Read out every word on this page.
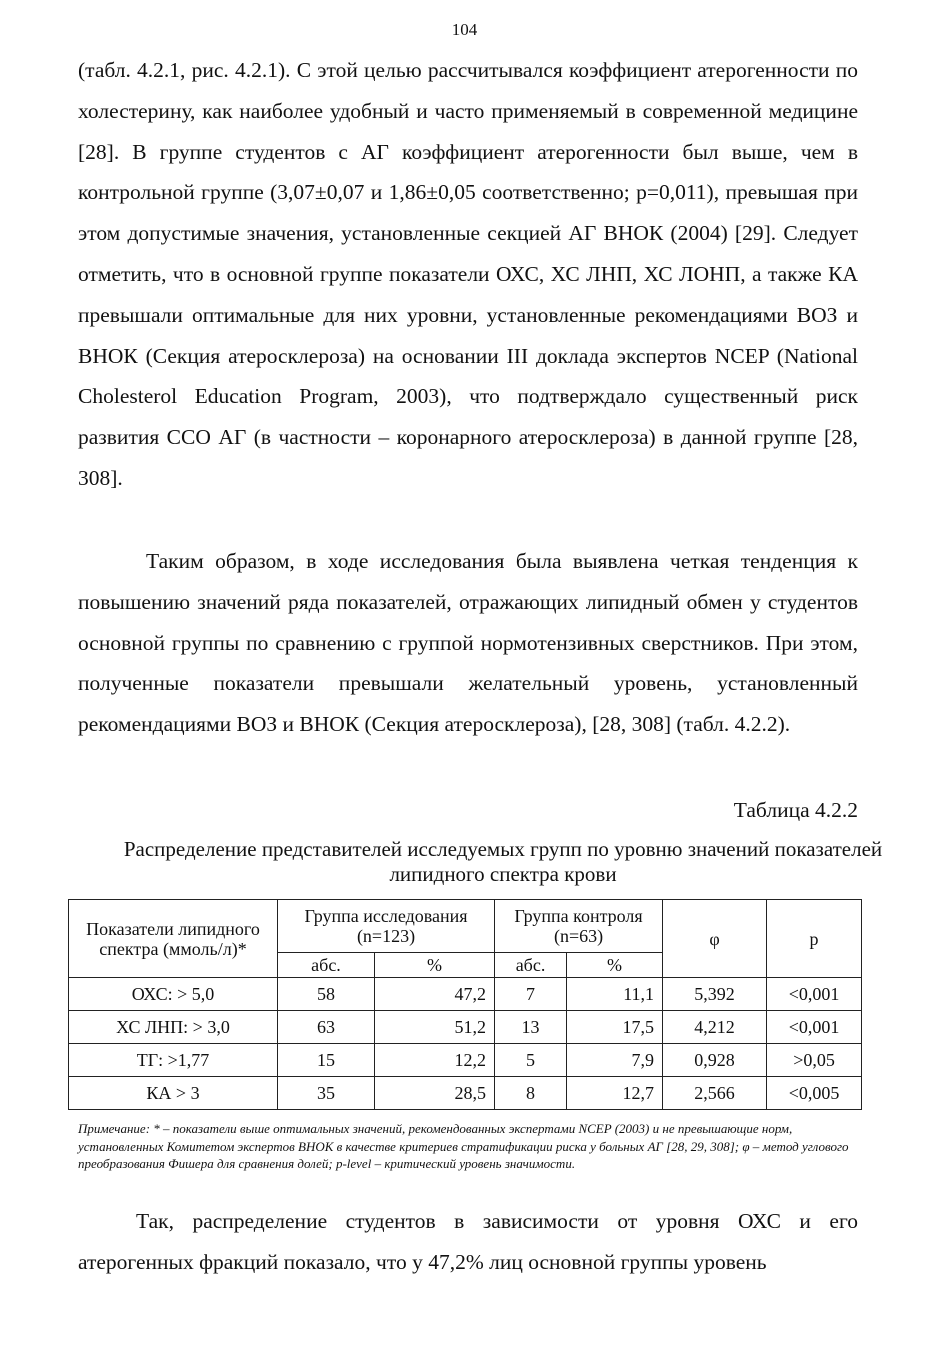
104

(табл. 4.2.1, рис. 4.2.1). С этой целью рассчитывался коэффициент атерогенности по холестерину, как наиболее удобный и часто применяемый в современной медицине [28]. В группе студентов с АГ коэффициент атерогенности был выше, чем в контрольной группе (3,07±0,07 и 1,86±0,05 соответственно; р=0,011), превышая при этом допустимые значения, установленные секцией АГ ВНОК (2004) [29]. Следует отметить, что в основной группе показатели ОХС, ХС ЛНП, ХС ЛОНП, а также КА превышали оптимальные для них уровни, установленные рекомендациями ВОЗ и ВНОК (Секция атеросклероза) на основании III доклада экспертов NCEP (National Cholesterol Education Program, 2003), что подтверждало существенный риск развития ССО АГ (в частности – коронарного атеросклероза) в данной группе [28, 308].

Таким образом, в ходе исследования была выявлена четкая тенденция к повышению значений ряда показателей, отражающих липидный обмен у студентов основной группы по сравнению с группой нормотензивных сверстников. При этом, полученные показатели превышали желательный уровень, установленный рекомендациями ВОЗ и ВНОК (Секция атеросклероза), [28, 308] (табл. 4.2.2).

Таблица 4.2.2

Распределение представителей исследуемых групп по уровню значений показателей липидного спектра крови

Показатели липидного спектра (ммоль/л)*	Группа исследования (n=123)		Группа контроля (n=63)		φ	p
	абс.	%	абс.	%		
ОХС: > 5,0	58	47,2	7	11,1	5,392	<0,001
ХС ЛНП: > 3,0	63	51,2	13	17,5	4,212	<0,001
ТГ: >1,77	15	12,2	5	7,9	0,928	>0,05
КА > 3	35	28,5	8	12,7	2,566	<0,005

Примечание: * – показатели выше оптимальных значений, рекомендованных экспертами NCEP (2003) и не превышающие норм, установленных Комитетом экспертов ВНОК в качестве критериев стратификации риска у больных АГ [28, 29, 308]; φ – метод углового преобразования Фишера для сравнения долей; p-level – критический уровень значимости.

Так, распределение студентов в зависимости от уровня ОХС и его атерогенных фракций показало, что у 47,2% лиц основной группы уровень
